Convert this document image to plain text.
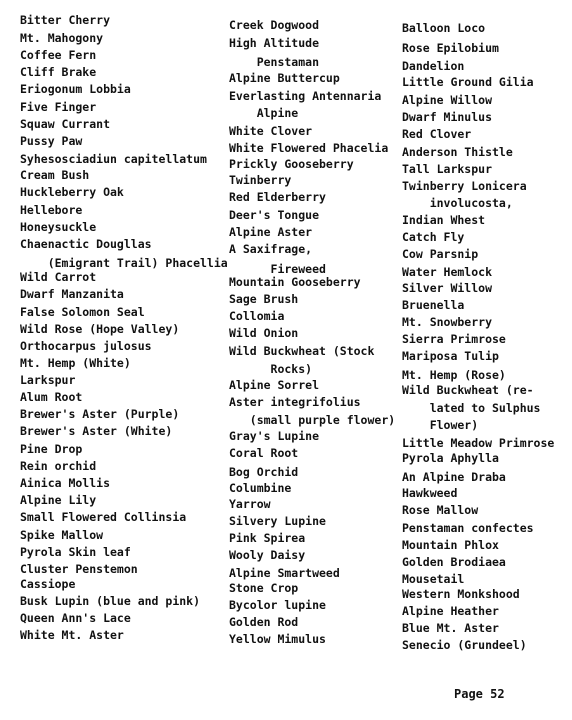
Bitter Cherry
Mt. Mahogony
Coffee Fern
Cliff Brake
Eriogonum Lobbia
Five Finger
Squaw Currant
Pussy Paw
Syhesosciadiun capitellatum
Cream Bush
Huckleberry Oak
Hellebore
Honeysuckle
Chaenactic Dougllas
(Emigrant Trail) Phacellia
Wild Carrot
Dwarf Manzanita
False Solomon Seal
Wild Rose (Hope Valley)
Orthocarpus julosus
Mt. Hemp (White)
Larkspur
Alum Root
Brewer's Aster (Purple)
Brewer's Aster (White)
Pine Drop
Rein orchid
Ainica Mollis
Alpine Lily
Small Flowered Collinsia
Spike Mallow
Pyrola Skin leaf
Cluster Penstemon
Cassiope
Busk Lupin (blue and pink)
Queen Ann's Lace
White Mt. Aster
Creek Dogwood
High Altitude
Penstaman
Alpine Buttercup
Everlasting Antennaria
Alpine
White Clover
White Flowered Phacelia
Prickly Gooseberry
Twinberry
Red Elderberry
Deer's Tongue
Alpine Aster
A Saxifrage,
Fireweed
Mountain Gooseberry
Sage Brush
Collomia
Wild Onion
Wild Buckwheat (Stock
Rocks)
Alpine Sorrel
Aster integrifolius
(small purple flower)
Gray's Lupine
Coral Root
Bog Orchid
Columbine
Yarrow
Silvery Lupine
Pink Spirea
Wooly Daisy
Alpine Smartweed
Stone Crop
Bycolor lupine
Golden Rod
Yellow Mimulus
Balloon Loco
Rose Epilobium
Dandelion
Little Ground Gilia
Alpine Willow
Dwarf Minulus
Red Clover
Anderson Thistle
Tall Larkspur
Twinberry Lonicera
involucosta,
Indian Whest
Catch Fly
Cow Parsnip
Water Hemlock
Silver Willow
Bruenella
Mt. Snowberry
Sierra Primrose
Mariposa Tulip
Mt. Hemp (Rose)
Wild Buckwheat (re-
lated to Sulphus
Flower)
Little Meadow Primrose
Pyrola Aphylla
An Alpine Draba
Hawkweed
Rose Mallow
Penstaman confectes
Mountain Phlox
Golden Brodiaea
Mousetail
Western Monkshood
Alpine Heather
Blue Mt. Aster
Senecio (Grundeel)
Page 52
